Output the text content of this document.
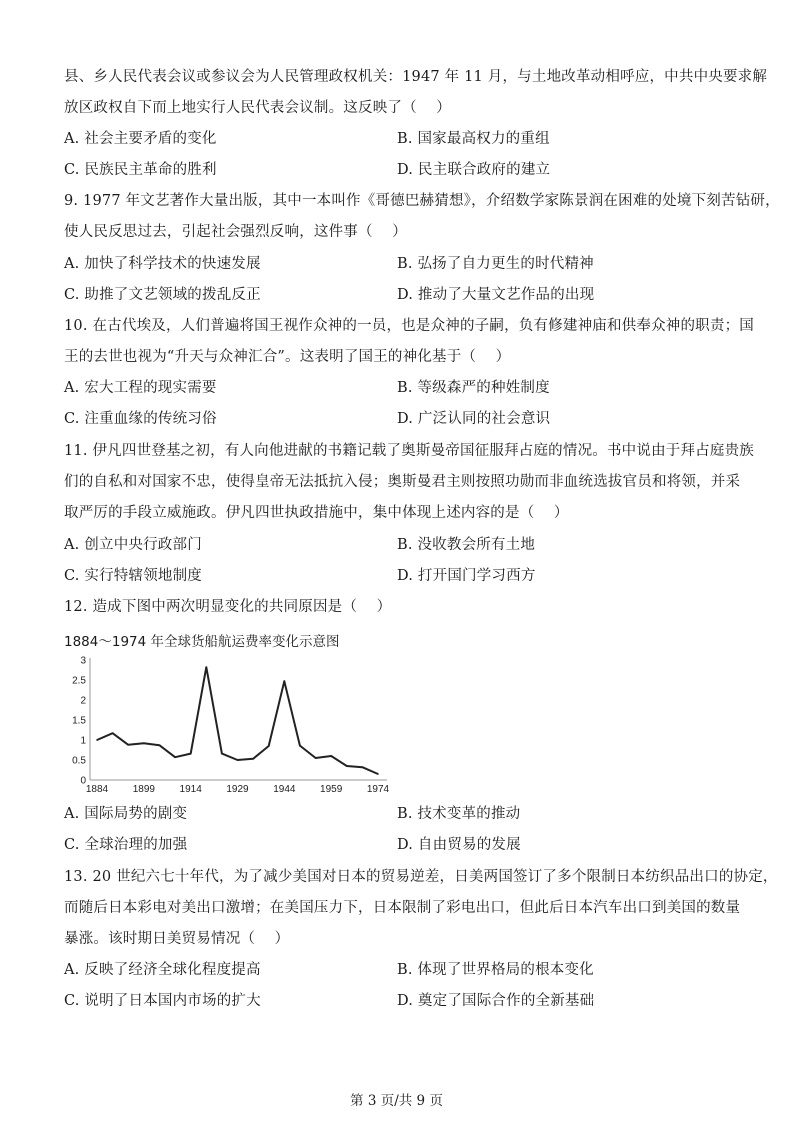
县、乡人民代表会议或参议会为人民管理政权机关：1947 年 11 月，与土地改革动相呼应，中共中央要求解
放区政权自下而上地实行人民代表会议制。这反映了（　 ）
A. 社会主要矛盾的变化	B. 国家最高权力的重组
C. 民族民主革命的胜利	D. 民主联合政府的建立
9. 1977 年文艺著作大量出版，其中一本叫作《哥德巴赫猜想》，介绍数学家陈景润在困难的处境下刻苦钻研，
使人民反思过去，引起社会强烈反响，这件事（　 ）
A. 加快了科学技术的快速发展	B. 弘扬了自力更生的时代精神
C. 助推了文艺领域的拨乱反正	D. 推动了大量文艺作品的出现
10. 在古代埃及，人们普遍将国王视作众神的一员，也是众神的子嗣，负有修建神庙和供奉众神的职责；国
王的去世也视为“升天与众神汇合”。这表明了国王的神化基于（　 ）
A. 宏大工程的现实需要	B. 等级森严的种姓制度
C. 注重血缘的传统习俗	D. 广泛认同的社会意识
11. 伊凡四世登基之初，有人向他进献的书籍记载了奥斯曼帝国征服拜占庭的情况。书中说由于拜占庭贵族
们的自私和对国家不忠，使得皇帝无法抵抗入侵；奥斯曼君主则按照功勋而非血统选拔官员和将领，并采
取严厉的手段立威施政。伊凡四世执政措施中，集中体现上述内容的是（　 ）
A. 创立中央行政部门	B. 没收教会所有土地
C. 实行特辖领地制度	D. 打开国门学习西方
12. 造成下图中两次明显变化的共同原因是（　 ）
1884～1974 年全球货船航运费率变化示意图
0
0.5
1
1.5
2
2.5
3
1884 1899 1914 1929 1944 1959 1974
A. 国际局势的剧变	B. 技术变革的推动
C. 全球治理的加强	D. 自由贸易的发展
13. 20 世纪六七十年代，为了减少美国对日本的贸易逆差，日美两国签订了多个限制日本纺织品出口的协定，
而随后日本彩电对美出口激增；在美国压力下，日本限制了彩电出口，但此后日本汽车出口到美国的数量
暴涨。该时期日美贸易情况（　 ）
A. 反映了经济全球化程度提高	B. 体现了世界格局的根本变化
C. 说明了日本国内市场的扩大	D. 奠定了国际合作的全新基础
第 3 页/共 9 页
